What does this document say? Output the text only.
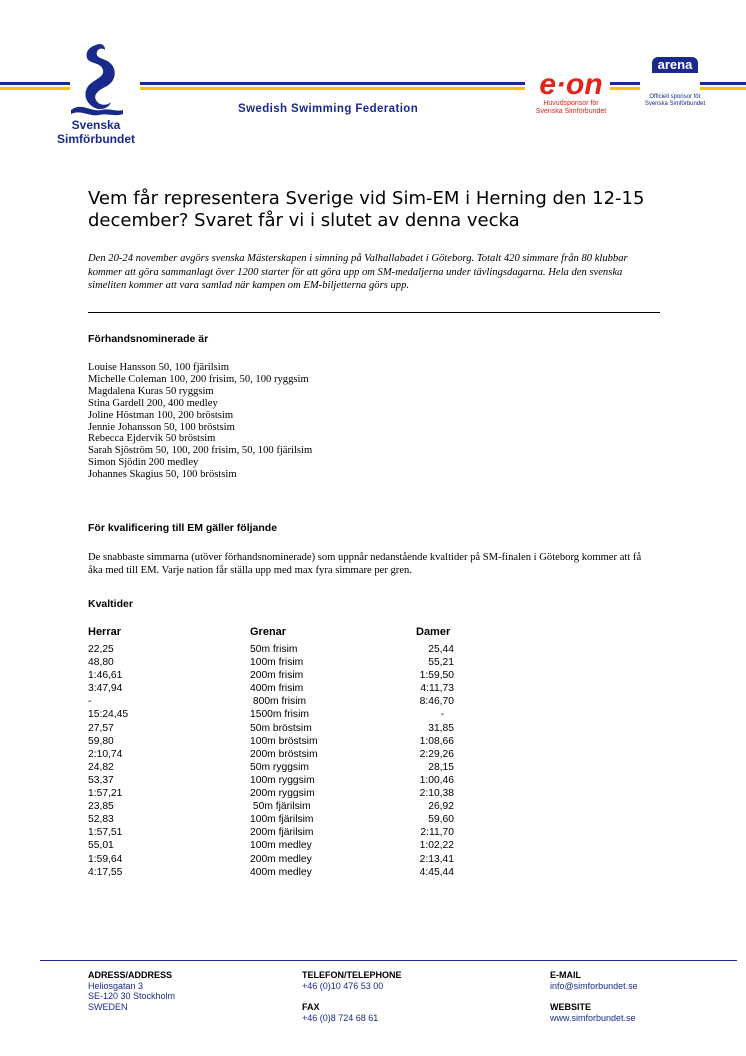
Svenska
Simförbundet
Swedish Swimming Federation
e·on
Huvudsponsor för
Svenska Simförbundet
arena
Officiell sponsor för
Svenska Simförbundet
Vem får representera Sverige vid Sim-EM i Herning den 12-15 december? Svaret får vi i slutet av denna vecka
Den 20-24 november avgörs svenska Mästerskapen i simning på Valhallabadet i Göteborg. Totalt 420 simmare från 80 klubbar kommer att göra sammanlagt över 1200 starter för att göra upp om SM-medaljerna under tävlingsdagarna. Hela den svenska simeliten kommer att vara samlad när kampen om EM-biljetterna görs upp.
Förhandsnominerade är
Louise Hansson 50, 100 fjärilsim
Michelle Coleman 100, 200 frisim, 50, 100 ryggsim
Magdalena Kuras 50 ryggsim
Stina Gardell 200, 400 medley
Joline Höstman 100, 200 bröstsim
Jennie Johansson 50, 100 bröstsim
Rebecca Ejdervik 50 bröstsim
Sarah Sjöström 50, 100, 200 frisim, 50, 100 fjärilsim
Simon Sjödin 200 medley
Johannes Skagius 50, 100 bröstsim
För kvalificering till EM gäller följande
De snabbaste simmarna (utöver förhandsnominerade) som uppnår nedanstående kvaltider på SM-finalen i Göteborg kommer att få åka med till EM. Varje nation får ställa upp med max fyra simmare per gren.
Kvaltider
Herrar	Grenar	Damer
22,25
48,80
1:46,61
3:47,94
-
15:24,45
27,57
59,80
2:10,74
24,82
53,37
1:57,21
23,85
52,83
1:57,51
55,01
1:59,64
4:17,55
50m frisim
100m frisim
200m frisim
400m frisim
800m frisim
1500m frisim
50m bröstsim
100m bröstsim
200m bröstsim
50m ryggsim
100m ryggsim
200m ryggsim
50m fjärilsim
100m fjärilsim
200m fjärilsim
100m medley
200m medley
400m medley
25,44
55,21
1:59,50
4:11,73
8:46,70
-
31,85
1:08,66
2:29,26
28,15
1:00,46
2:10,38
26,92
59,60
2:11,70
1:02,22
2:13,41
4:45,44
ADRESS/ADDRESS
Heliosgatan 3
SE-120 30 Stockholm
SWEDEN
TELEFON/TELEPHONE
+46 (0)10 476 53 00
FAX
+46 (0)8 724 68 61
E-MAIL
info@simforbundet.se
WEBSITE
www.simforbundet.se
